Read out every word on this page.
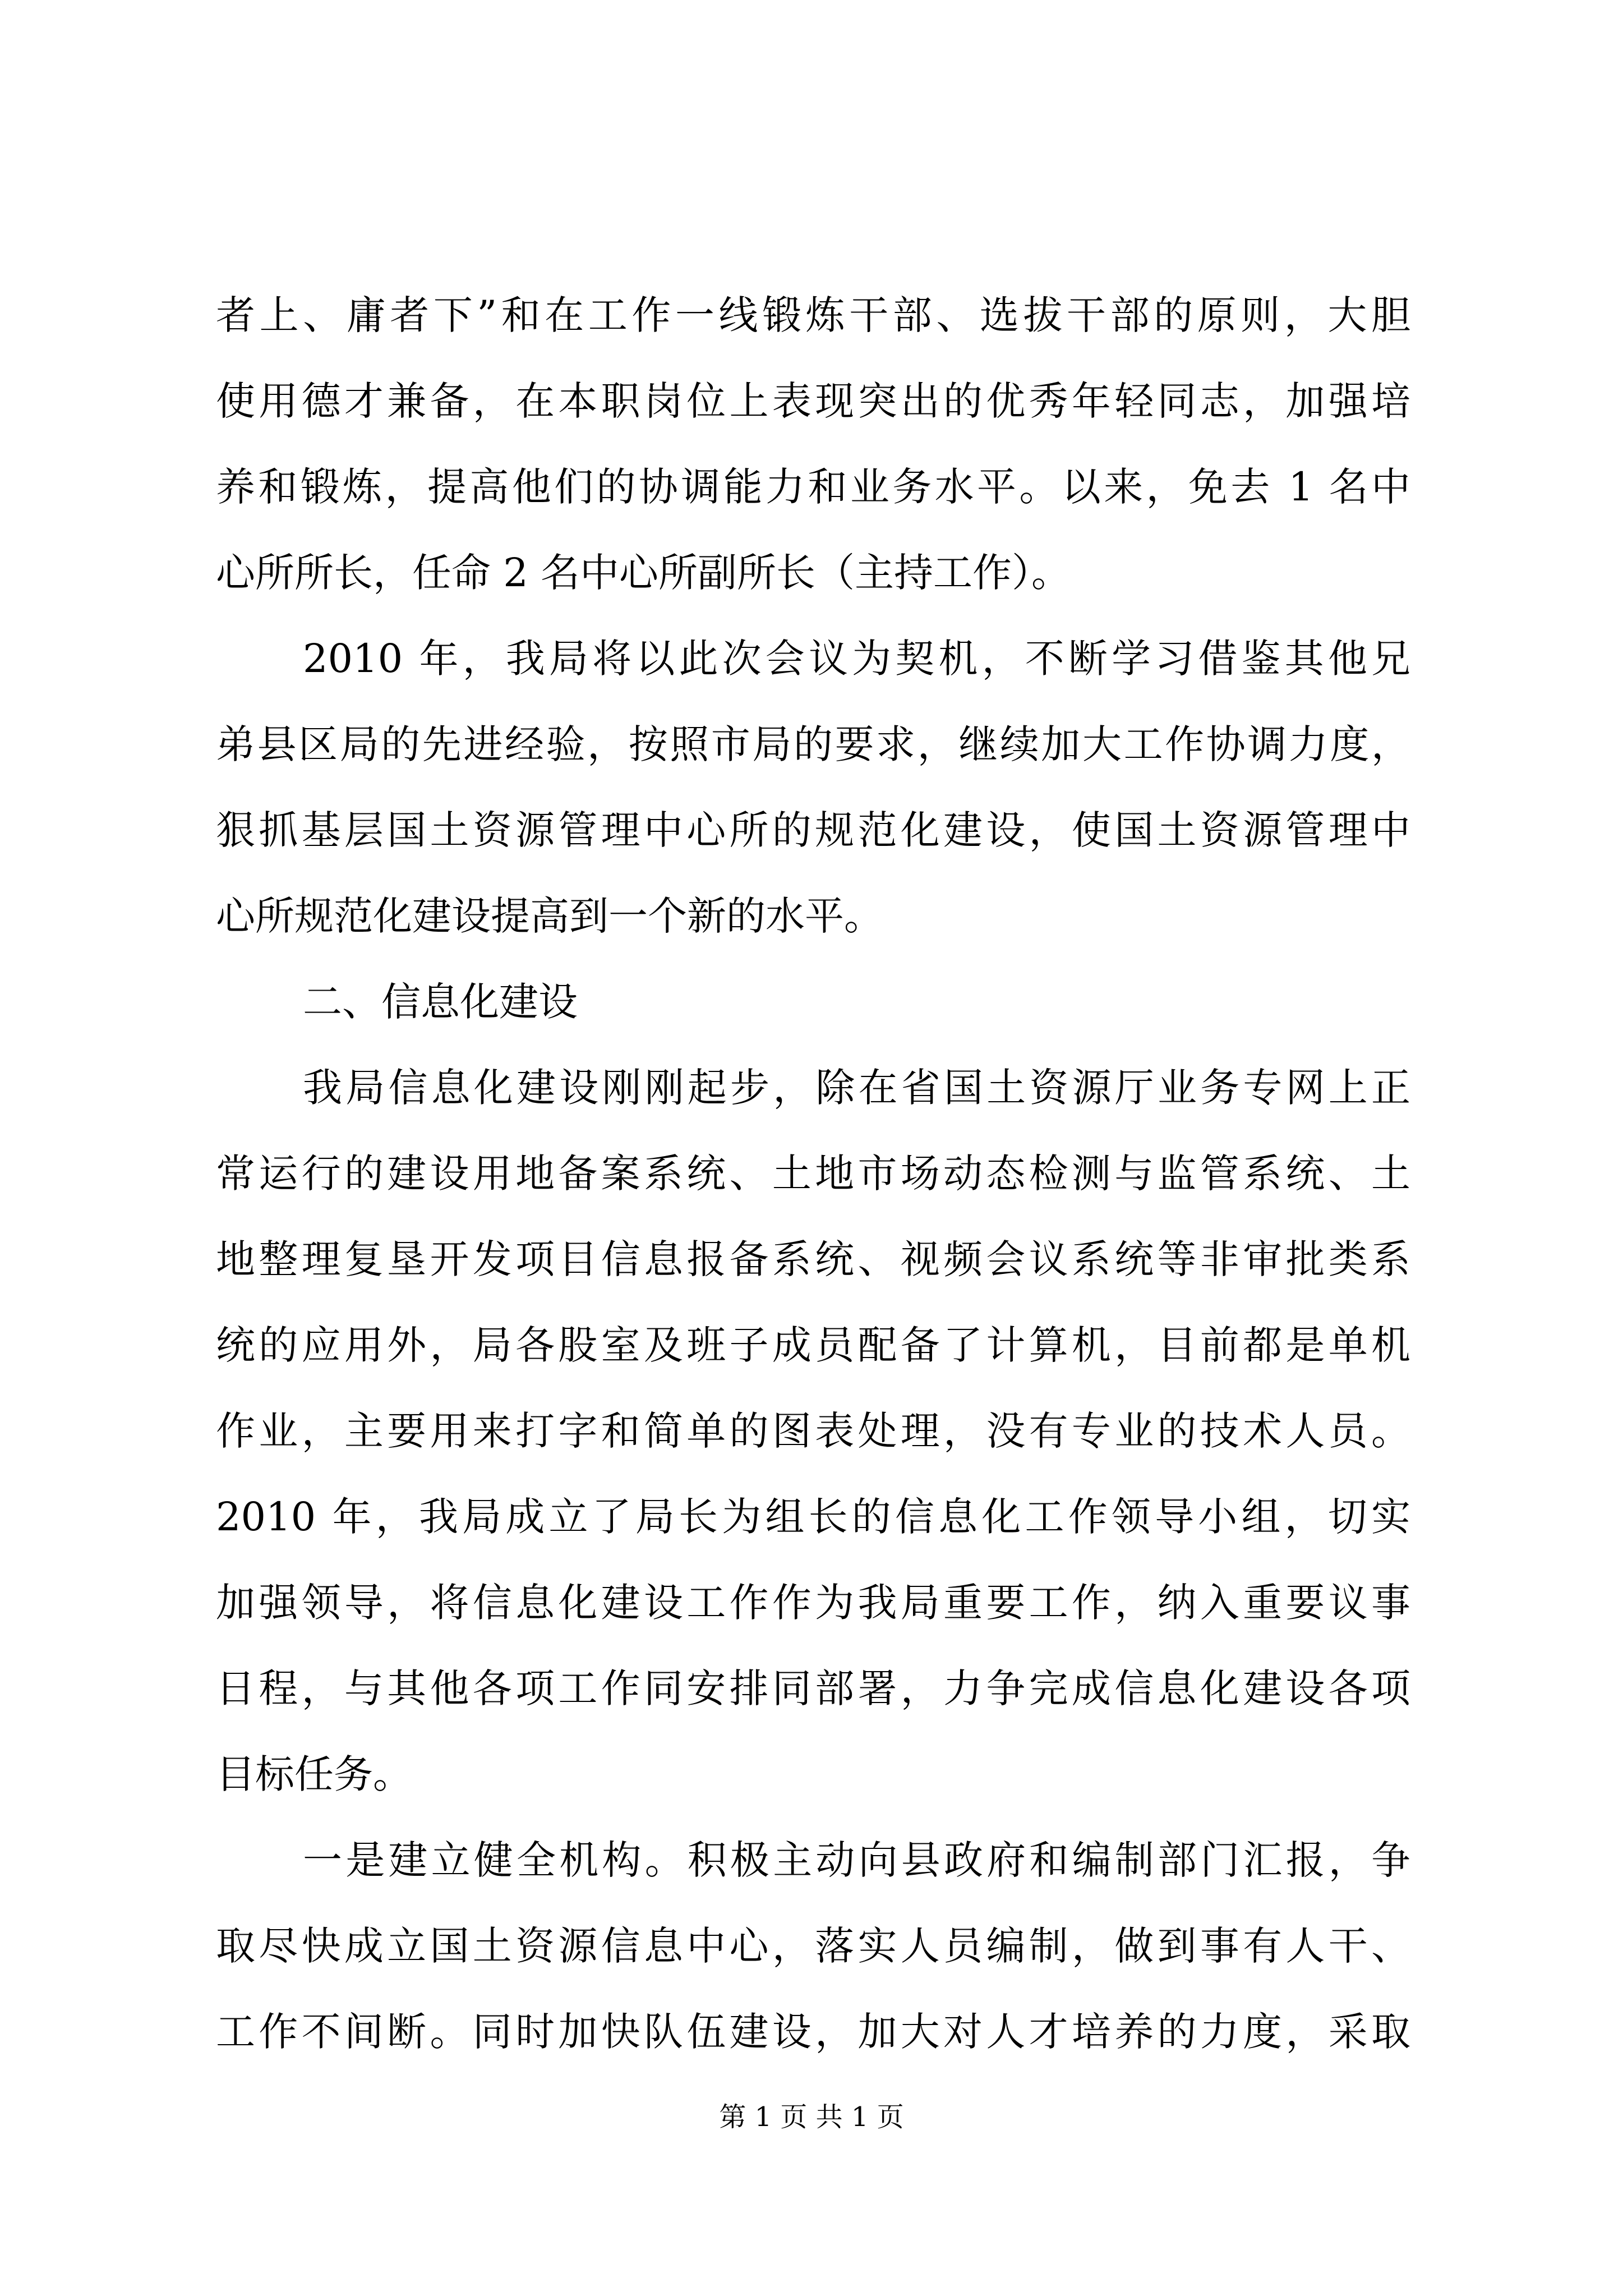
者上、庸者下”和在工作一线锻炼干部、选拔干部的原则，大胆
使用德才兼备，在本职岗位上表现突出的优秀年轻同志，加强培
养和锻炼，提高他们的协调能力和业务水平。以来，免去 1 名中
心所所长，任命 2 名中心所副所长（主持工作）。
2010 年，我局将以此次会议为契机，不断学习借鉴其他兄
弟县区局的先进经验，按照市局的要求，继续加大工作协调力度，
狠抓基层国土资源管理中心所的规范化建设，使国土资源管理中
心所规范化建设提高到一个新的水平。
二、信息化建设
我局信息化建设刚刚起步，除在省国土资源厅业务专网上正
常运行的建设用地备案系统、土地市场动态检测与监管系统、土
地整理复垦开发项目信息报备系统、视频会议系统等非审批类系
统的应用外，局各股室及班子成员配备了计算机，目前都是单机
作业，主要用来打字和简单的图表处理，没有专业的技术人员。
2010 年，我局成立了局长为组长的信息化工作领导小组，切实
加强领导，将信息化建设工作作为我局重要工作，纳入重要议事
日程，与其他各项工作同安排同部署，力争完成信息化建设各项
目标任务。
一是建立健全机构。积极主动向县政府和编制部门汇报，争
取尽快成立国土资源信息中心，落实人员编制，做到事有人干、
工作不间断。同时加快队伍建设，加大对人才培养的力度，采取
第 1 页 共 1 页
